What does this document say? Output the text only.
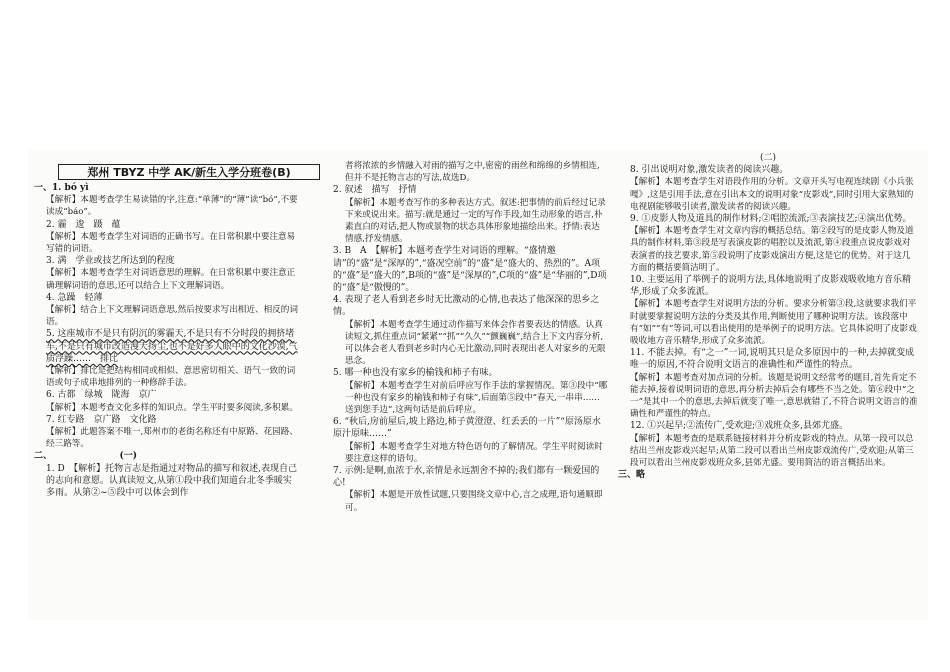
郑州 TBYZ 中学 AK/新生入学分班卷(B)

一、1. bó yì

【解析】本题考查学生易读错的字,注意:“单薄”的“薄”读“bó”,不要读成“báo”。

2. 霾　逡　蹑　蕴

【解析】本题考查学生对词语的正确书写。在日常积累中要注意易写错的词语。

3. 满　学业或技艺所达到的程度

【解析】本题考查学生对词语意思的理解。在日常积累中要注意正确理解词语的意思,还可以结合上下文理解词语。

4. 急躁　轻薄

【解析】结合上下文理解词语意思,然后按要求写出相近、相反的词语。

5. 这座城市不是只有阴沉的雾霾天,不是只有不分时段的拥挤堵车,不是只有城市改造漫天扬尘,也不是好多人眼中的文化沙漠,气质浮躁……　排比

【解析】排比是把结构相同或相似、意思密切相关、语气一致的词语或句子成串地排列的一种修辞手法。

6. 古都　绿城　陇海　京广

【解析】本题考查文化多样的知识点。学生平时要多阅读,多积累。

7. 红专路　京广路　文化路

【解析】此题答案不唯一,郑州市的老街名称还有中原路、花园路、经三路等。

二、　　　　　　　　(一)

1. D　【解析】托物言志是指通过对物品的描写和叙述,表现自己的志向和意愿。认真读短文,从第①段中我们知道台北冬季暖实多雨。从第②~⑤段中可以体会到作

者将浓浓的乡情融入对雨的描写之中,密密的雨丝和绵绵的乡情相连,但并不是托物言志的写法,故选D。

2. 叙述　描写　抒情

【解析】本题考查写作的多种表达方式。叙述:把事情的前后经过记录下来或说出来。描写:就是通过一定的写作手段,如生动形象的语言,朴素直白的对话,把人物或景物的状态具体形象地描绘出来。抒情:表达情感,抒发情感。

3. B　A　【解析】本题考查学生对词语的理解。“盛情邀请”的“盛”是“深厚的”,“盛况空前”的“盛”是“盛大的、热烈的”。A项的“盛”是“盛大的”,B项的“盛”是“深厚的”,C项的“盛”是“华丽的”,D项的“盛”是“傲慢的”。

4. 表现了老人看到老乡时无比激动的心情,也表达了他深深的思乡之情。

【解析】本题考查学生通过动作描写来体会作者要表达的情感。认真读短文,抓住重点词“紧紧”“抓”“久久”“颤巍巍”,结合上下文内容分析,可以体会老人看到老乡时内心无比激动,同时表现出老人对家乡的无限思念。

5. 哪一种也没有家乡的榆钱和柿子有味。

【解析】本题考查学生对前后呼应写作手法的掌握情况。第③段中“哪一种也没有家乡的榆钱和柿子有味”,后面第⑤段中“春天,一串串……送到您手边”,这两句话是前后呼应。

6. “秋后,房前屋后,坡上路边,柿子黄澄澄、红丢丢的一片”“原汤原水原汁原味……”

【解析】本题考查学生对地方特色语句的了解情况。学生平时阅读时要注意这样的语句。

7. 示例:是啊,血浓于水,亲情是永远割舍不掉的;我们都有一颗爱国的心!

【解析】本题是开放性试题,只要围绕文章中心,言之成理,语句通顺即可。

(二)

8. 引出说明对象,激发读者的阅读兴趣。

【解析】本题考查学生对语段作用的分析。文章开头写电视连续剧《小兵张嘎》,这是引用手法,意在引出本文的说明对象“皮影戏”,同时引用大家熟知的电视剧能够吸引读者,激发读者的阅读兴趣。

9. ①皮影人物及道具的制作材料;②唱腔流派;③表演技艺;④演出优势。

【解析】本题考查学生对文章内容的概括总结。第②段写的是皮影人物及道具的制作材料,第③段是写表演皮影的唱腔以及流派,第④段重点说皮影戏对表演者的技艺要求,第⑤段说明了皮影戏演出方便,这是它的优势。对于这几方面的概括要简洁明了。

10. 主要运用了举例子的说明方法,具体地说明了皮影戏吸收地方音乐精华,形成了众多流派。

【解析】本题考查学生对说明方法的分析。要求分析第③段,这就要求我们平时就要掌握说明方法的分类及其作用,判断使用了哪种说明方法。该段落中有“如”“有”等词,可以看出使用的是举例子的说明方法。它具体说明了皮影戏吸收地方音乐精华,形成了众多流派。

11. 不能去掉。有“之一”一词,说明其只是众多原因中的一种,去掉就变成唯一的原因,不符合说明文语言的准确性和严谨性的特点。

【解析】本题考查对加点词的分析。该题是说明文经常考的题目,首先肯定不能去掉,接着说明词语的意思,再分析去掉后会有哪些不当之处。第⑥段中“之一”是其中一个的意思,去掉后就变了唯一,意思就错了,不符合说明文语言的准确性和严谨性的特点。

12. ①兴起早;②流传广,受欢迎;③戏班众多,县郊尤盛。

【解析】本题考查的是联系链接材料并分析皮影戏的特点。从第一段可以总结出兰州皮影戏兴起早;从第二段可以看出兰州皮影戏流传广,受欢迎;从第三段可以看出兰州皮影戏班众多,县郊尤盛。要用简洁的语言概括出来。

三、略
